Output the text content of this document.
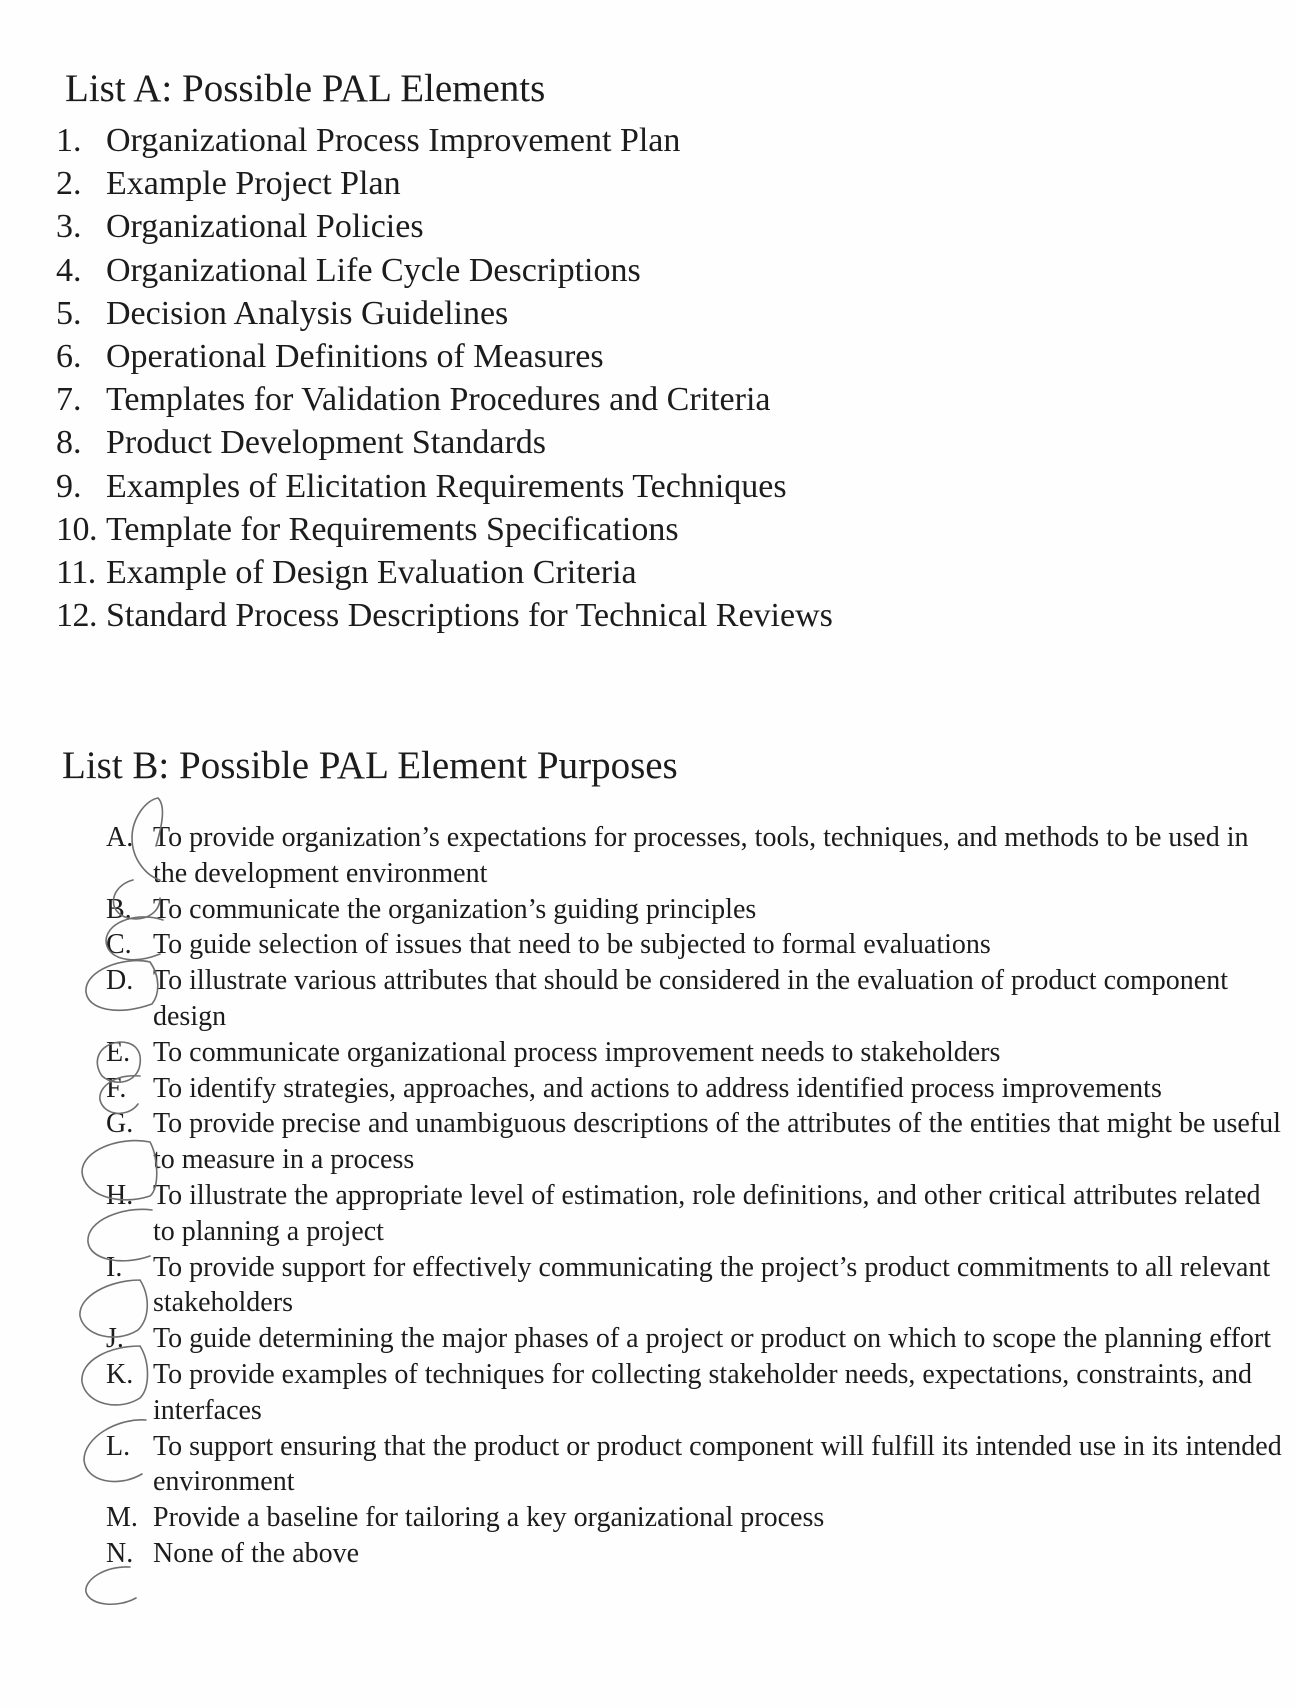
List A: Possible PAL Elements
1. Organizational Process Improvement Plan
2. Example Project Plan
3. Organizational Policies
4. Organizational Life Cycle Descriptions
5. Decision Analysis Guidelines
6. Operational Definitions of Measures
7. Templates for Validation Procedures and Criteria
8. Product Development Standards
9. Examples of Elicitation Requirements Techniques
10. Template for Requirements Specifications
11. Example of Design Evaluation Criteria
12. Standard Process Descriptions for Technical Reviews
List B: Possible PAL Element Purposes
A. To provide organization’s expectations for processes, tools, techniques, and methods to be used in the development environment
B. To communicate the organization’s guiding principles
C. To guide selection of issues that need to be subjected to formal evaluations
D. To illustrate various attributes that should be considered in the evaluation of product component design
E. To communicate organizational process improvement needs to stakeholders
F. To identify strategies, approaches, and actions to address identified process improvements
G. To provide precise and unambiguous descriptions of the attributes of the entities that might be useful to measure in a process
H. To illustrate the appropriate level of estimation, role definitions, and other critical attributes related to planning a project
I.	To provide support for effectively communicating the project’s product commitments to all relevant stakeholders
J.	To guide determining the major phases of a project or product on which to scope the planning effort
K. To provide examples of techniques for collecting stakeholder needs, expectations, constraints, and interfaces
L. To support ensuring that the product or product component will fulfill its intended use in its intended environment
M. Provide a baseline for tailoring a key organizational process
N. None of the above
